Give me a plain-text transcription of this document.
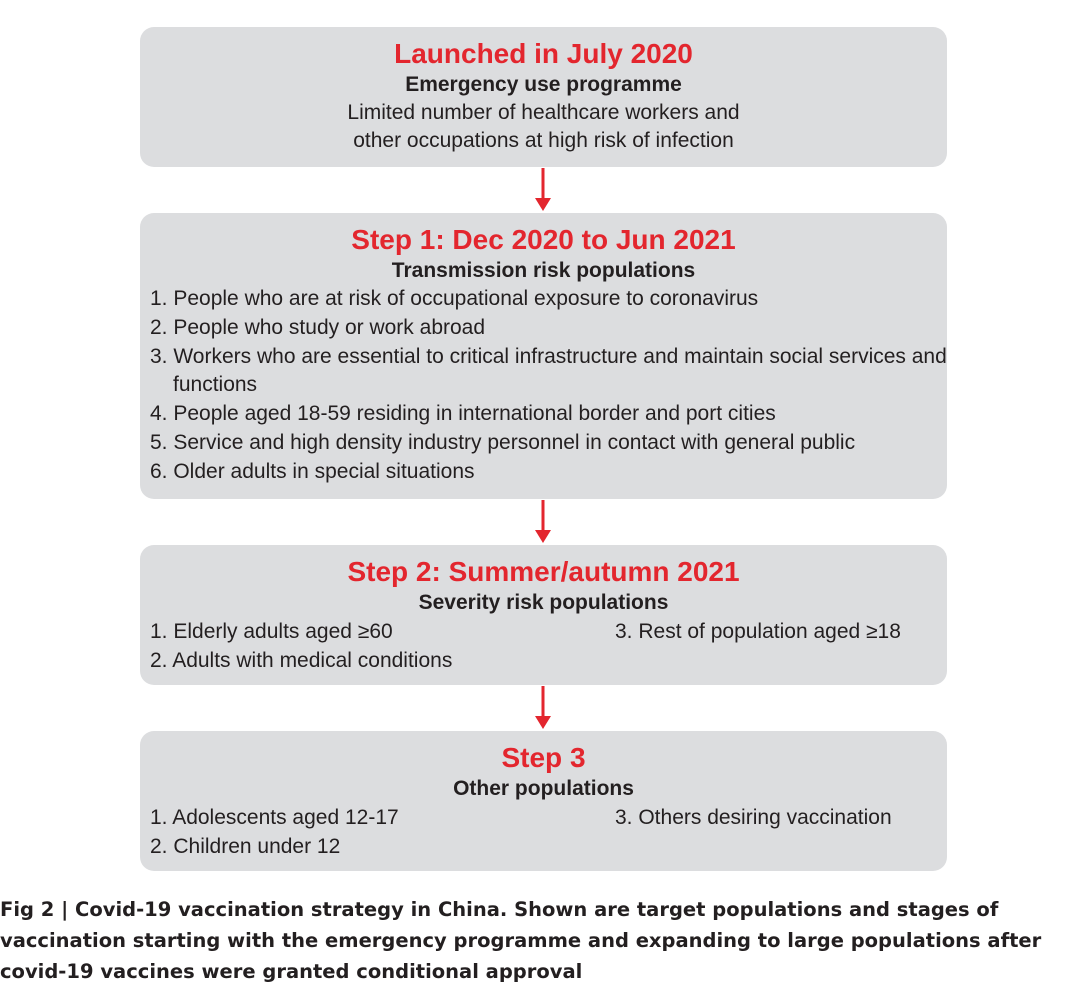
Launched in July 2020

Emergency use programme

Limited number of healthcare workers and

other occupations at high risk of infection

Step 1: Dec 2020 to Jun 2021

Transmission risk populations

1. People who are at risk of occupational exposure to coronavirus
2. People who study or work abroad
3. Workers who are essential to critical infrastructure and maintain social services and functions
4. People aged 18-59 residing in international border and port cities
5. Service and high density industry personnel in contact with general public
6. Older adults in special situations

Step 2: Summer/autumn 2021

Severity risk populations

1. Elderly adults aged ≥60	3. Rest of population aged ≥18
2. Adults with medical conditions

Step 3

Other populations

1. Adolescents aged 12-17	3. Others desiring vaccination
2. Children under 12
Fig 2 | Covid-19 vaccination strategy in China. Shown are target populations and stages of vaccination starting with the emergency programme and expanding to large populations after covid-19 vaccines were granted conditional approval
